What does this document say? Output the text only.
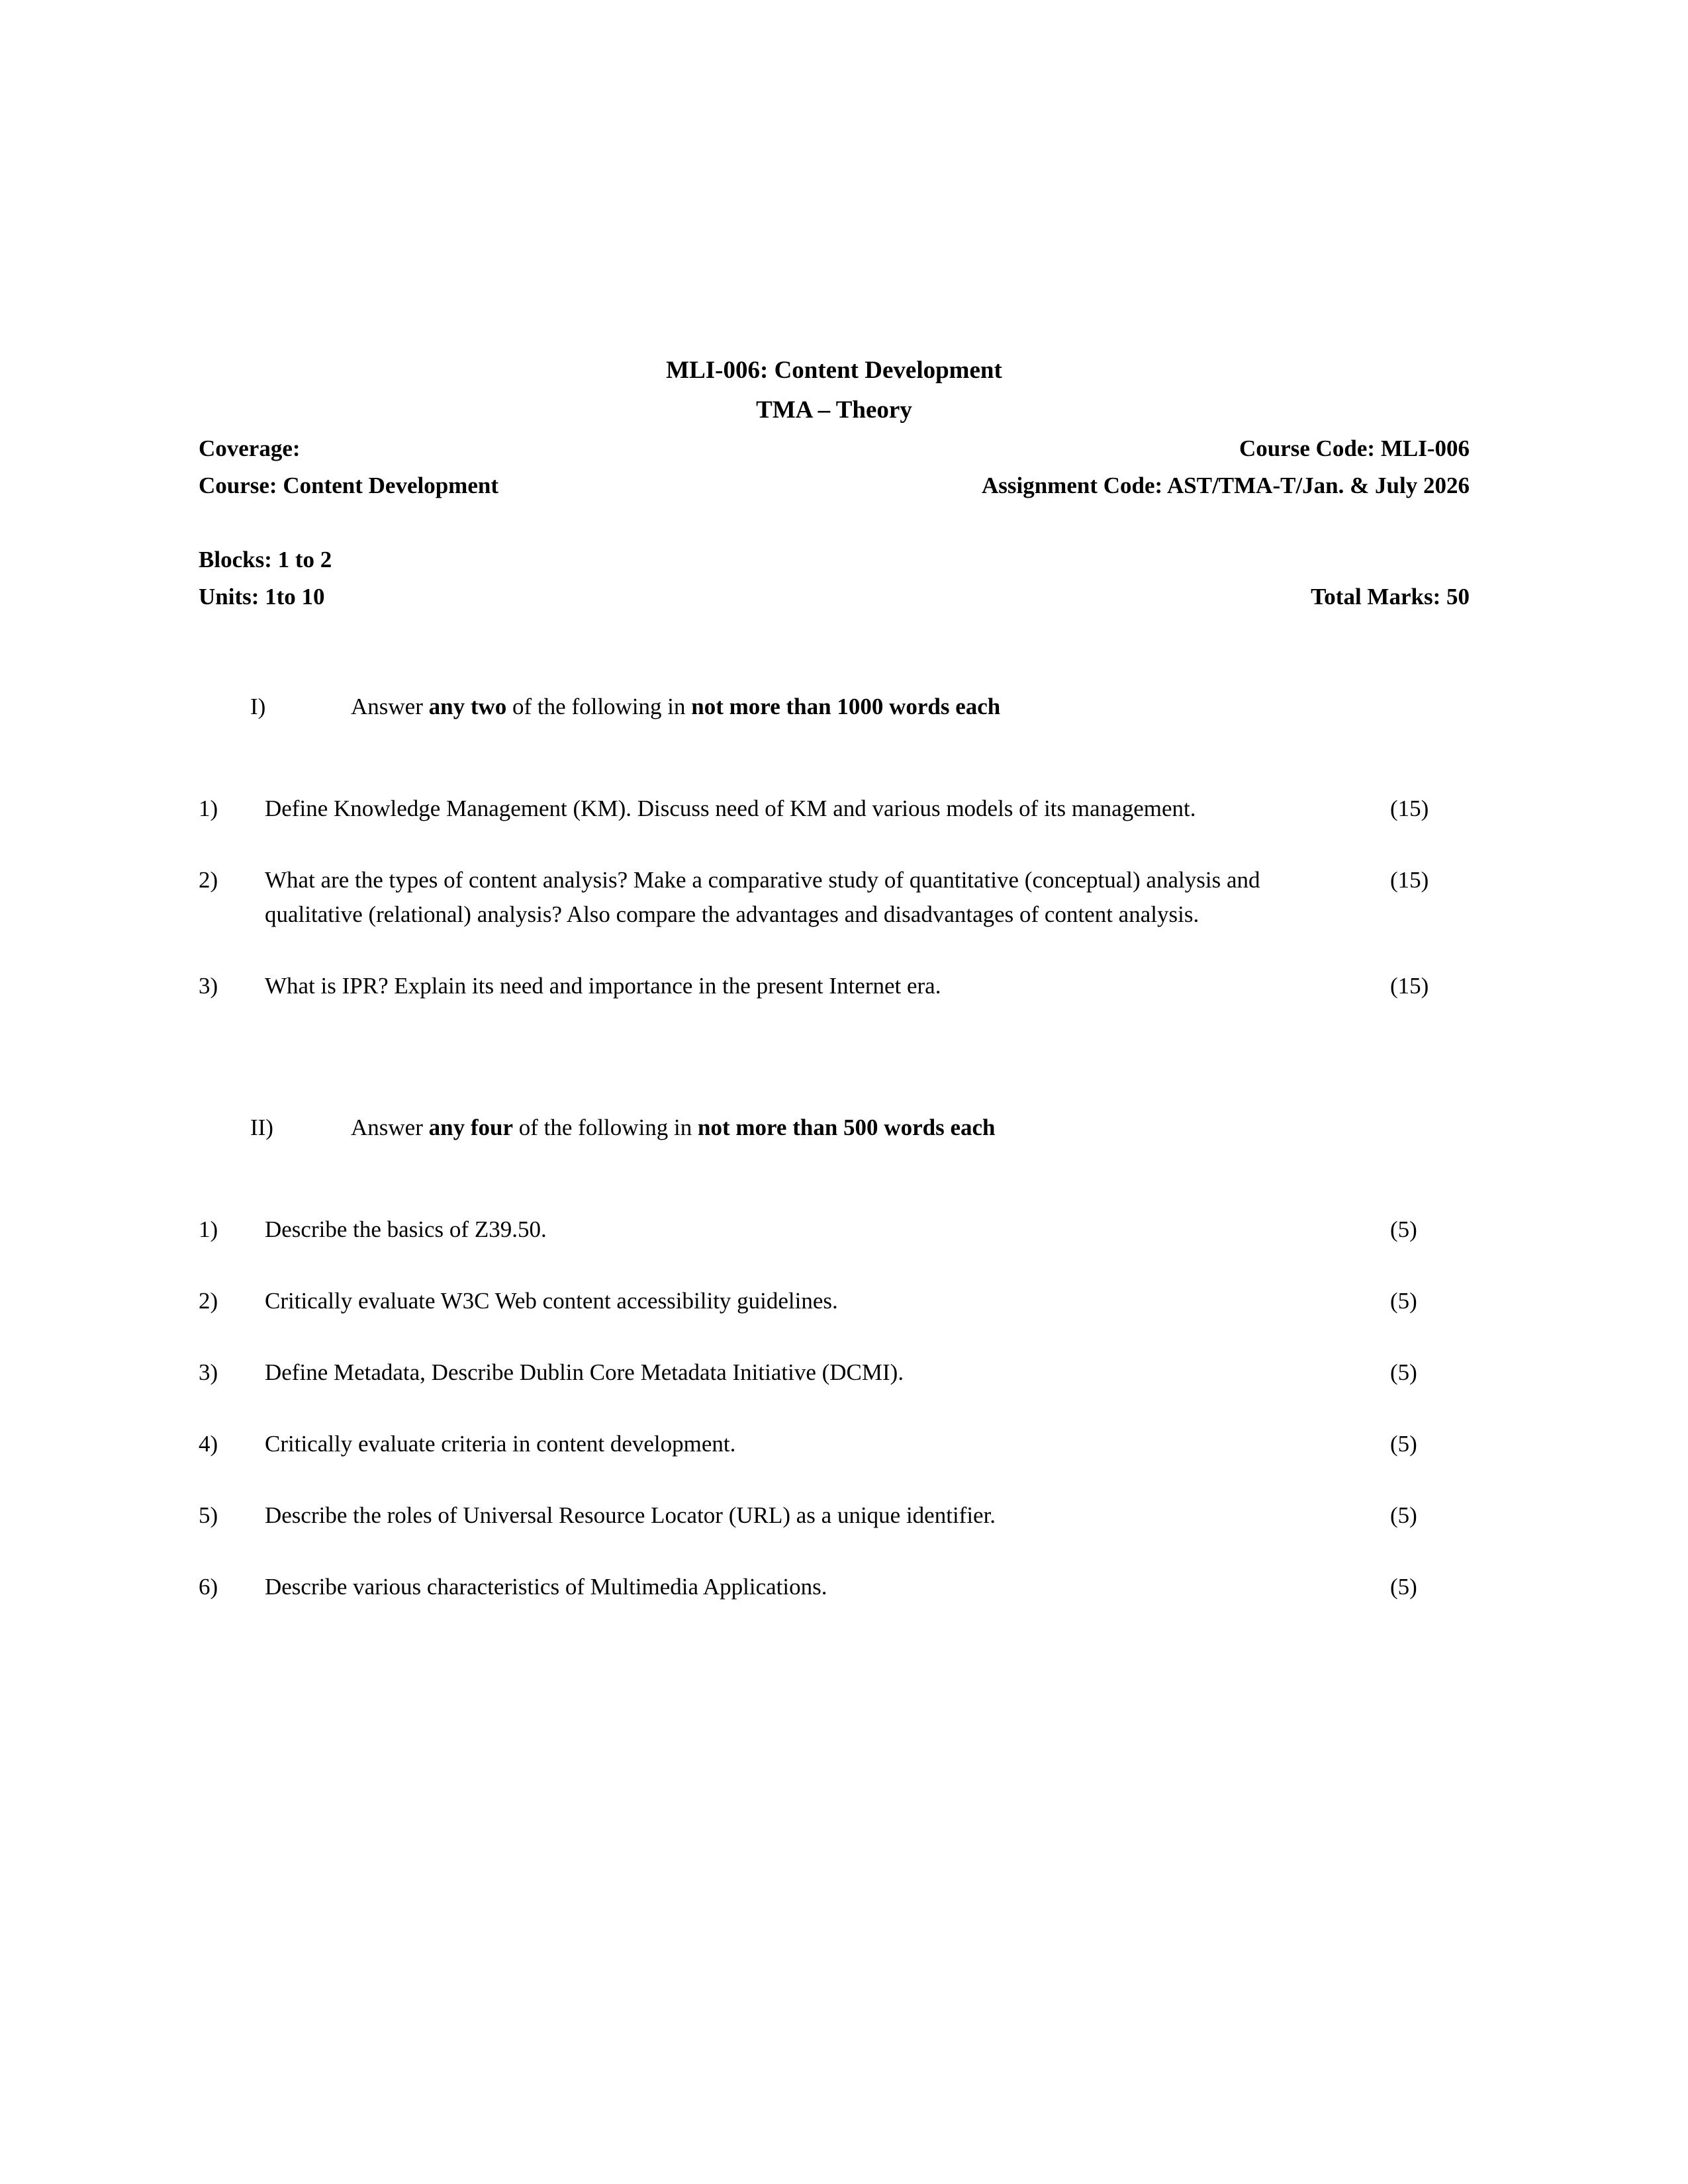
MLI-006: Content Development
TMA – Theory
Coverage:	Course Code: MLI-006
Course: Content Development	Assignment Code: AST/TMA-T/Jan. & July 2026
Blocks: 1 to 2
Units: 1to 10	Total Marks: 50
I)	Answer any two of the following in not more than 1000 words each
1)	Define Knowledge Management (KM). Discuss need of KM and various models of its management.	(15)
2)	What are the types of content analysis? Make a comparative study of quantitative (conceptual) analysis and qualitative (relational) analysis? Also compare the advantages and disadvantages of content analysis.
(15)
3)	What is IPR? Explain its need and importance in the present Internet era.	(15)
II)	Answer any four of the following in not more than 500 words each
1)	Describe the basics of Z39.50.	(5)
2)	Critically evaluate W3C Web content accessibility guidelines.	(5)
3)	Define Metadata, Describe Dublin Core Metadata Initiative (DCMI).	(5)
4)	Critically evaluate criteria in content development.	(5)
5)	Describe the roles of Universal Resource Locator (URL) as a unique identifier.	(5)
6)	Describe various characteristics of Multimedia Applications.	(5)
